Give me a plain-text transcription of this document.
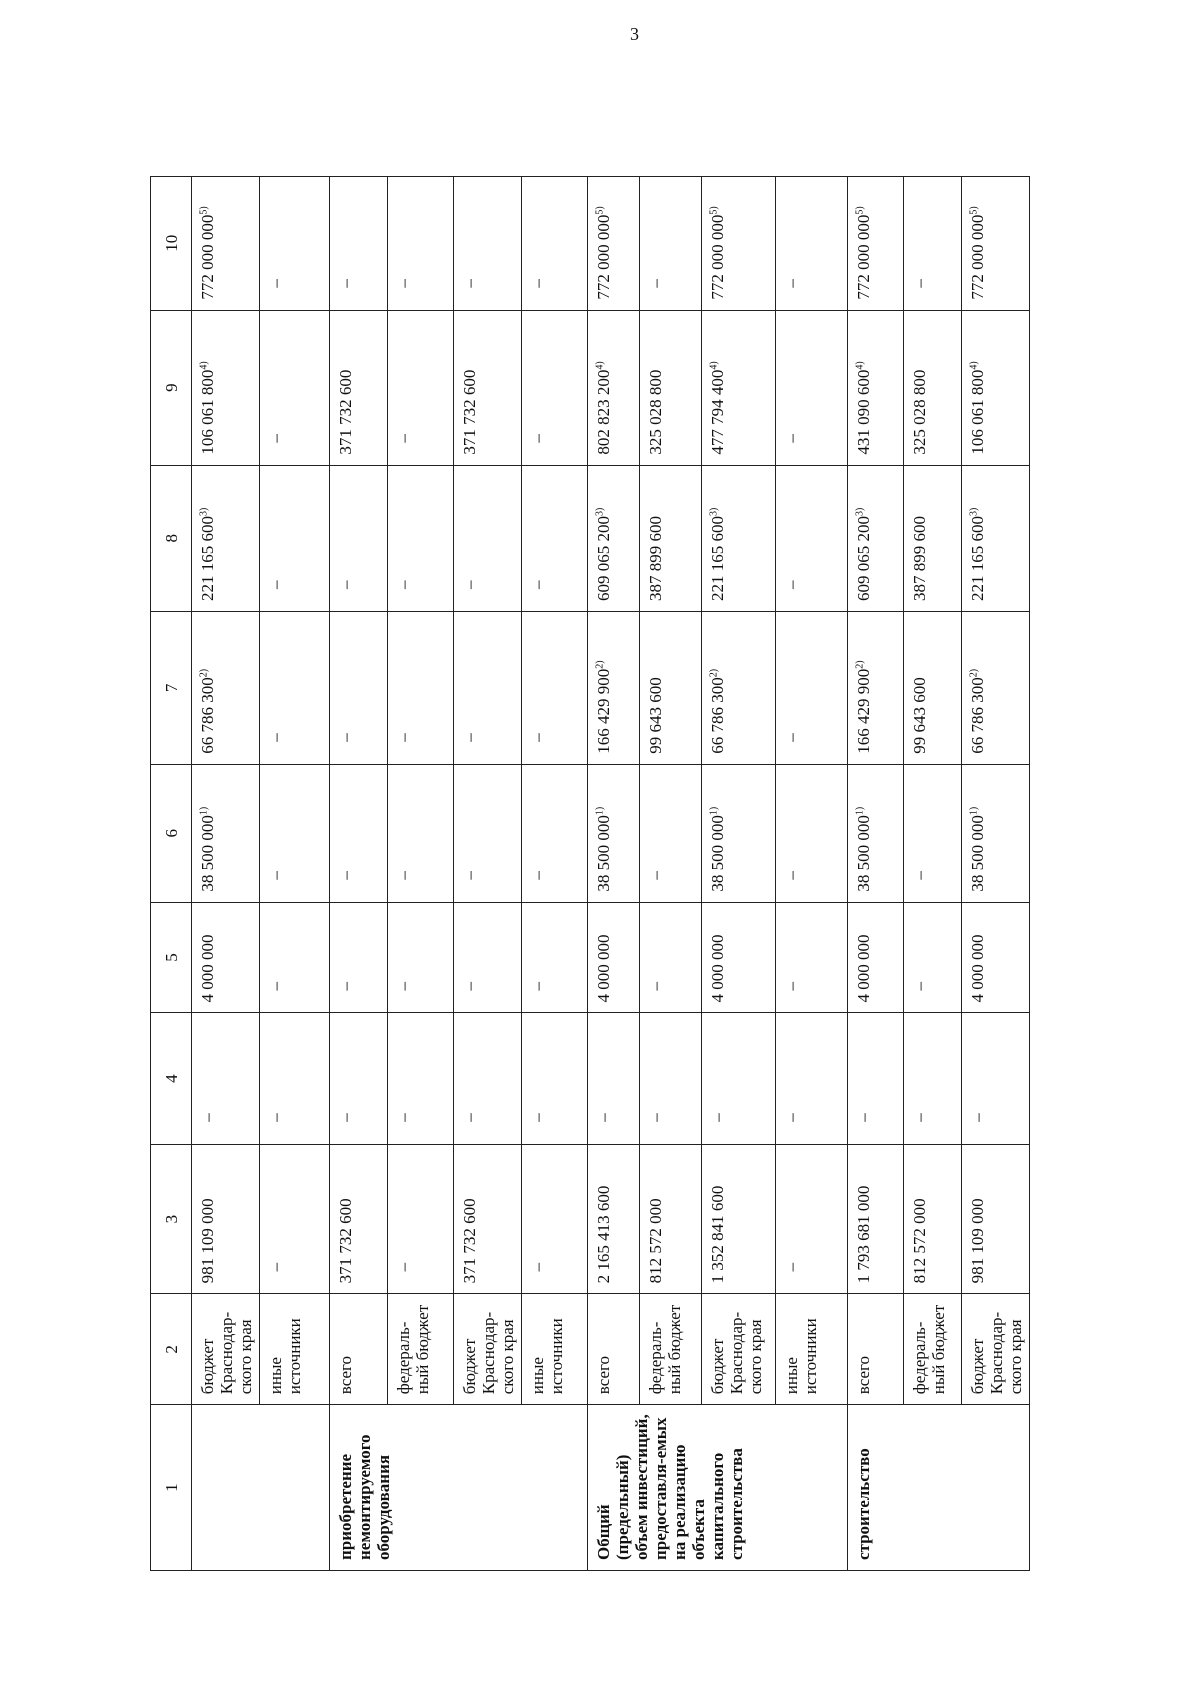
3
1	2	3	4	5	6	7	8	9	10
	бюджет Краснодар-ского края	981 109 000	–	4 000 000	38 500 000$^{1)}$	66 786 300$^{2)}$	221 165 600$^{3)}$	106 061 800$^{4)}$	772 000 000$^{5)}$
	иные источники	–	–	–	–	–	–	–	–
приобретение немонтируемого оборудования	всего	371 732 600	–	–	–	–	–	371 732 600	–
	федераль-ный бюджет	–	–	–	–	–	–	–	–
	бюджет Краснодар-ского края	371 732 600	–	–	–	–	–	371 732 600	–
	иные источники	–	–	–	–	–	–	–	–
Общий (предельный) объем инвестиций, предоставля-емых на реализацию объекта капитального строительства	всего	2 165 413 600	–	4 000 000	38 500 000$^{1)}$	166 429 900$^{2)}$	609 065 200$^{3)}$	802 823 200$^{4)}$	772 000 000$^{5)}$
	федераль-ный бюджет	812 572 000	–	–	–	99 643 600	387 899 600	325 028 800	–
	бюджет Краснодар-ского края	1 352 841 600	–	4 000 000	38 500 000$^{1)}$	66 786 300$^{2)}$	221 165 600$^{3)}$	477 794 400$^{4)}$	772 000 000$^{5)}$
	иные источники	–	–	–	–	–	–	–	–
строительство	всего	1 793 681 000	–	4 000 000	38 500 000$^{1)}$	166 429 900$^{2)}$	609 065 200$^{3)}$	431 090 600$^{4)}$	772 000 000$^{5)}$
	федераль-ный бюджет	812 572 000	–	–	–	99 643 600	387 899 600	325 028 800	–
	бюджет Краснодар-ского края	981 109 000	–	4 000 000	38 500 000$^{1)}$	66 786 300$^{2)}$	221 165 600$^{3)}$	106 061 800$^{4)}$	772 000 000$^{5)}$
